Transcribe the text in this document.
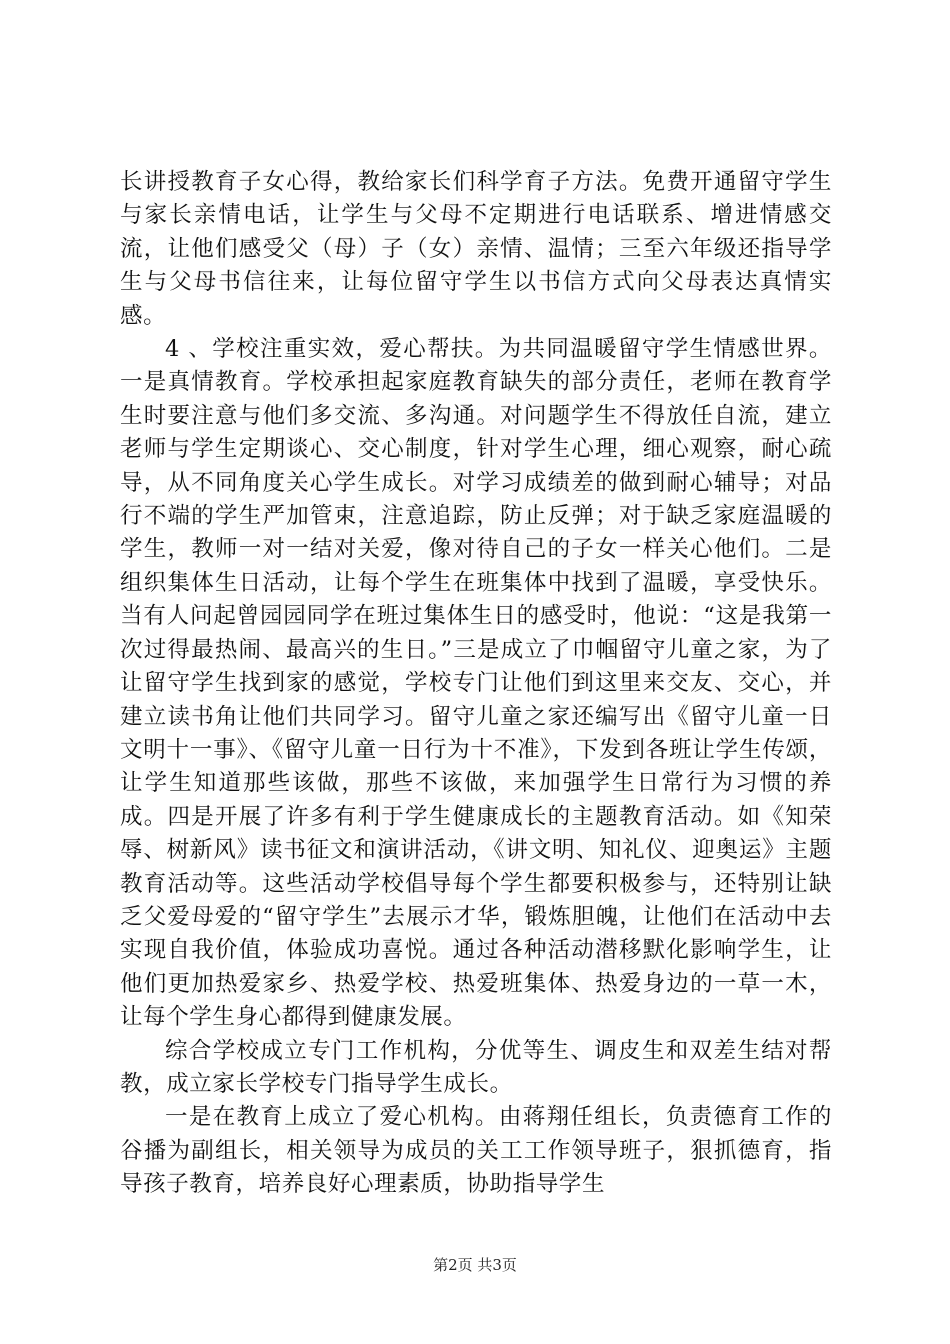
长讲授教育子女心得，教给家长们科学育子方法。免费开通留守学生与家长亲情电话，让学生与父母不定期进行电话联系、增进情感交流，让他们感受父（母）子（女）亲情、温情；三至六年级还指导学生与父母书信往来，让每位留守学生以书信方式向父母表达真情实感。

4 、学校注重实效，爱心帮扶。为共同温暖留守学生情感世界。一是真情教育。学校承担起家庭教育缺失的部分责任，老师在教育学生时要注意与他们多交流、多沟通。对问题学生不得放任自流，建立老师与学生定期谈心、交心制度，针对学生心理，细心观察，耐心疏导，从不同角度关心学生成长。对学习成绩差的做到耐心辅导；对品行不端的学生严加管束，注意追踪，防止反弹；对于缺乏家庭温暖的学生，教师一对一结对关爱，像对待自己的子女一样关心他们。二是组织集体生日活动，让每个学生在班集体中找到了温暖，享受快乐。当有人问起曾园园同学在班过集体生日的感受时，他说：“这是我第一次过得最热闹、最高兴的生日。”三是成立了巾帼留守儿童之家，为了让留守学生找到家的感觉，学校专门让他们到这里来交友、交心，并建立读书角让他们共同学习。留守儿童之家还编写出《留守儿童一日文明十一事》、《留守儿童一日行为十不准》，下发到各班让学生传颂，让学生知道那些该做，那些不该做，来加强学生日常行为习惯的养成。四是开展了许多有利于学生健康成长的主题教育活动。如《知荣辱、树新风》读书征文和演讲活动，《讲文明、知礼仪、迎奥运》主题教育活动等。这些活动学校倡导每个学生都要积极参与，还特别让缺乏父爱母爱的“留守学生”去展示才华，锻炼胆魄，让他们在活动中去实现自我价值，体验成功喜悦。通过各种活动潜移默化影响学生，让他们更加热爱家乡、热爱学校、热爱班集体、热爱身边的一草一木，让每个学生身心都得到健康发展。

综合学校成立专门工作机构，分优等生、调皮生和双差生结对帮教，成立家长学校专门指导学生成长。

一是在教育上成立了爱心机构。由蒋翔任组长，负责德育工作的谷播为副组长，相关领导为成员的关工工作领导班子，狠抓德育，指导孩子教育，培养良好心理素质，协助指导学生

第2页 共3页
